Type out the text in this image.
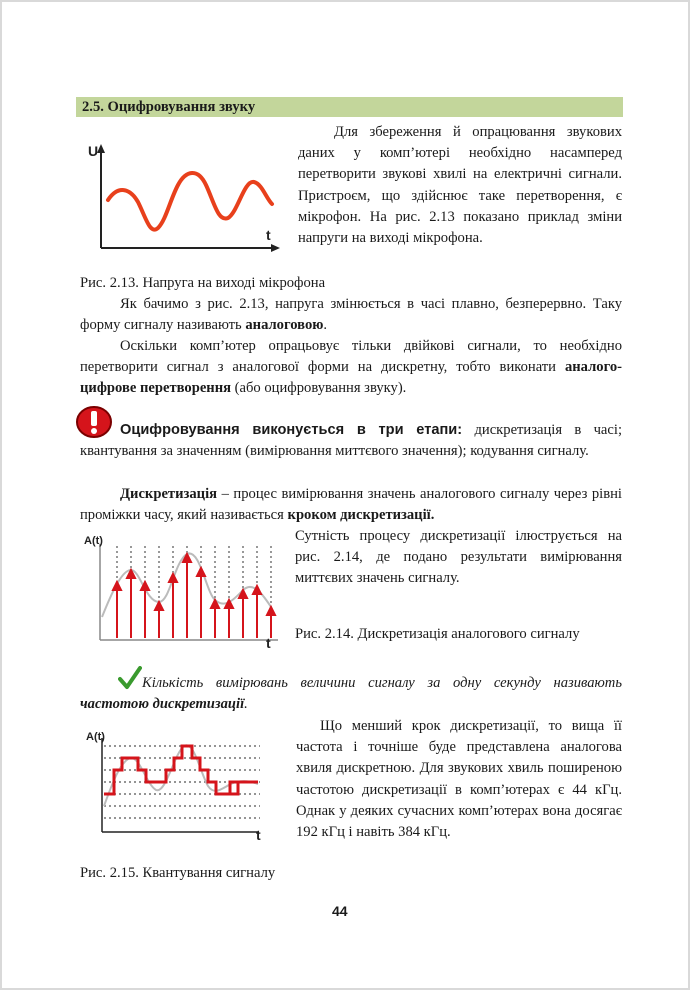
2.5. Оцифровування звуку
U
t
Для збереження й опрацювання звукових даних у комп’ютері необхідно насамперед перетворити звукові хвилі на електричні сигнали. Пристроєм, що здійснює таке перетворення, є мікрофон. На рис. 2.13 показано приклад зміни напруги на виході мікрофона.
Рис. 2.13. Напруга на виході мікрофона
Як бачимо з рис. 2.13, напруга змінюється в часі плавно, безперервно. Таку форму сигналу називають аналоговою.
Оскільки комп’ютер опрацьовує тільки двійкові сигнали, то необхідно перетворити сигнал з аналогової форми на дискретну, тобто виконати аналого-цифрове перетворення (або оцифровування звуку).
Оцифровування виконується в три етапи: дискретизація в часі; квантування за значенням (вимірювання миттєвого значення); кодування сигналу.
Дискретизація – процес вимірювання значень аналогового сигналу через рівні проміжки часу, який називається кроком дискретизації.
A(t)
t
Сутність процесу дискретизації ілюструється на рис. 2.14, де подано результати вимірювання миттєвих значень сигналу.
Рис. 2.14. Дискретизація аналогового сигналу
Кількість вимірювань величини сигналу за одну секунду називають частотою дискретизації.
A(t)
t
Що менший крок дискретизації, то вища її частота і точніше буде представлена аналогова хвиля дискретною. Для звукових хвиль поширеною частотою дискретизації в комп’ютерах є 44 кГц. Однак у деяких сучасних комп’ютерах вона досягає 192 кГц і навіть 384 кГц.
Рис. 2.15. Квантування сигналу
44
